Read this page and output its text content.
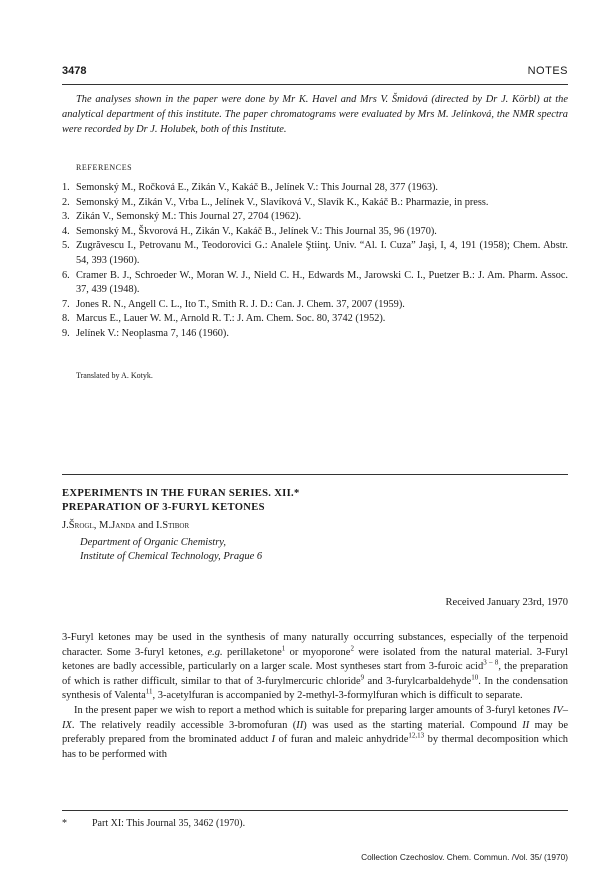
3478	NOTES
The analyses shown in the paper were done by Mr K. Havel and Mrs V. Šmidová (directed by Dr J. Körbl) at the analytical department of this institute. The paper chromatograms were evaluated by Mrs M. Jelínková, the NMR spectra were recorded by Dr J. Holubek, both of this Institute.
REFERENCES
1. Semonský M., Ročková E., Zikán V., Kakáč B., Jelínek V.: This Journal 28, 377 (1963).
2. Semonský M., Zikán V., Vrba L., Jelínek V., Slavíková V., Slavík K., Kakáč B.: Pharmazie, in press.
3. Zikán V., Semonský M.: This Journal 27, 2704 (1962).
4. Semonský M., Škvorová H., Zikán V., Kakáč B., Jelínek V.: This Journal 35, 96 (1970).
5. Zugrăvescu I., Petrovanu M., Teodorovici G.: Analele Ştiinţ. Univ. “Al. I. Cuza” Jaşi, I, 4, 191 (1958); Chem. Abstr. 54, 393 (1960).
6. Cramer B. J., Schroeder W., Moran W. J., Nield C. H., Edwards M., Jarowski C. I., Puetzer B.: J. Am. Pharm. Assoc. 37, 439 (1948).
7. Jones R. N., Angell C. L., Ito T., Smith R. J. D.: Can. J. Chem. 37, 2007 (1959).
8. Marcus E., Lauer W. M., Arnold R. T.: J. Am. Chem. Soc. 80, 3742 (1952).
9. Jelínek V.: Neoplasma 7, 146 (1960).
Translated by A. Kotyk.
EXPERIMENTS IN THE FURAN SERIES. XII.*
PREPARATION OF 3-FURYL KETONES
J.Šrogl, M.Janda and I.Stibor
Department of Organic Chemistry,
Institute of Chemical Technology, Prague 6
Received January 23rd, 1970

3-Furyl ketones may be used in the synthesis of many naturally occurring substances, especially of the terpenoid character. Some 3-furyl ketones, e.g. perillaketone$^1$ or myoporone$^2$ were isolated from the natural material. 3-Furyl ketones are badly accessible, particularly on a larger scale. Most syntheses start from 3-furoic acid$^{3 - 8}$, the preparation of which is rather difficult, similar to that of 3-furylmercuric chloride$^9$ and 3-furylcarbaldehyde$^{10}$. In the condensation synthesis of Valenta$^{11}$, 3-acetylfuran is accompanied by 2-methyl-3-formylfuran which is difficult to separate.

In the present paper we wish to report a method which is suitable for preparing larger amounts of 3-furyl ketones IV–IX. The relatively readily accessible 3-bromofuran (II) was used as the starting material. Compound II may be preferably prepared from the brominated adduct I of furan and maleic anhydride$^{12,13}$ by thermal decomposition which has to be performed with

*	Part XI: This Journal 35, 3462 (1970).
Collection Czechoslov. Chem. Commun. /Vol. 35/ (1970)
